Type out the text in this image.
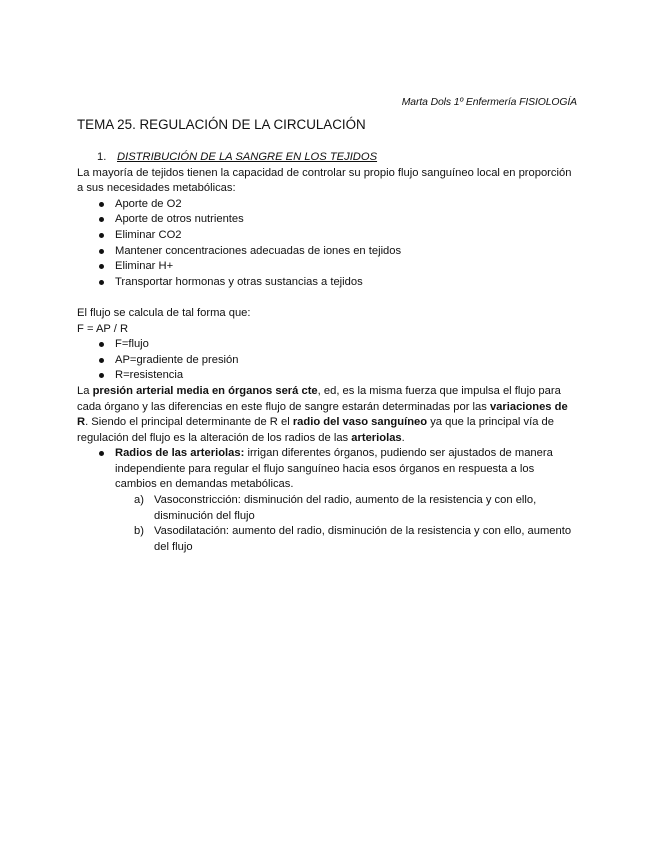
Marta Dols 1º Enfermería FISIOLOGÍA
TEMA 25. REGULACIÓN DE LA CIRCULACIÓN
1. DISTRIBUCIÓN DE LA SANGRE EN LOS TEJIDOS

La mayoría de tejidos tienen la capacidad de controlar su propio flujo sanguíneo local en proporción a sus necesidades metabólicas:

Aporte de O2
Aporte de otros nutrientes
Eliminar CO2
Mantener concentraciones adecuadas de iones en tejidos
Eliminar H+
Transportar hormonas y otras sustancias a tejidos

El flujo se calcula de tal forma que:

F = AP / R

F=flujo
AP=gradiente de presión
R=resistencia

La presión arterial media en órganos será cte, ed, es la misma fuerza que impulsa el flujo para cada órgano y las diferencias en este flujo de sangre estarán determinadas por las variaciones de R. Siendo el principal determinante de R el radio del vaso sanguíneo ya que la principal vía de regulación del flujo es la alteración de los radios de las arteriolas.

Radios de las arteriolas: irrigan diferentes órganos, pudiendo ser ajustados de manera independiente para regular el flujo sanguíneo hacia esos órganos en respuesta a los cambios en demandas metabólicas.
a) Vasoconstricción: disminución del radio, aumento de la resistencia y con ello, disminución del flujo
b) Vasodilatación: aumento del radio, disminución de la resistencia y con ello, aumento del flujo
